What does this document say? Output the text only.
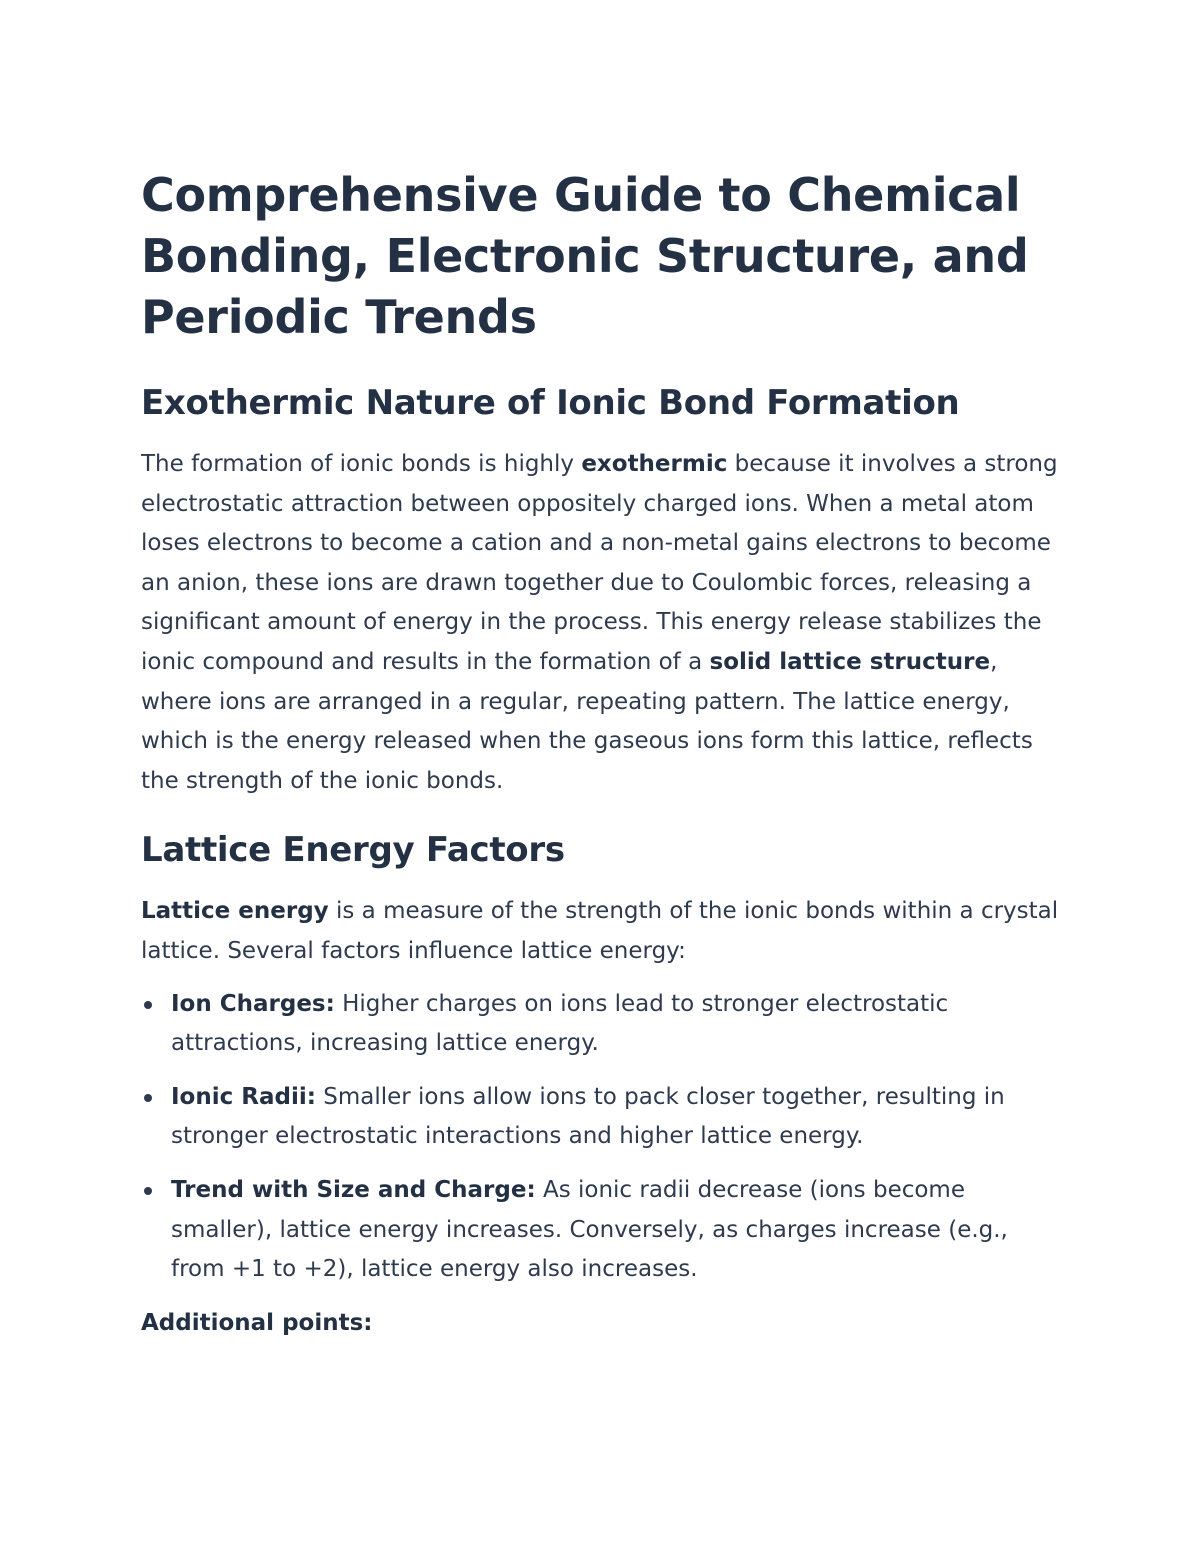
Comprehensive Guide to Chemical Bonding, Electronic Structure, and Periodic Trends
Exothermic Nature of Ionic Bond Formation

The formation of ionic bonds is highly exothermic because it involves a strong electrostatic attraction between oppositely charged ions. When a metal atom loses electrons to become a cation and a non-metal gains electrons to become an anion, these ions are drawn together due to Coulombic forces, releasing a significant amount of energy in the process. This energy release stabilizes the ionic compound and results in the formation of a solid lattice structure, where ions are arranged in a regular, repeating pattern. The lattice energy, which is the energy released when the gaseous ions form this lattice, reflects the strength of the ionic bonds.

Lattice Energy Factors

Lattice energy is a measure of the strength of the ionic bonds within a crystal lattice. Several factors influence lattice energy:

Ion Charges: Higher charges on ions lead to stronger electrostatic attractions, increasing lattice energy.
Ionic Radii: Smaller ions allow ions to pack closer together, resulting in stronger electrostatic interactions and higher lattice energy.
Trend with Size and Charge: As ionic radii decrease (ions become smaller), lattice energy increases. Conversely, as charges increase (e.g., from +1 to +2), lattice energy also increases.

Additional points:
